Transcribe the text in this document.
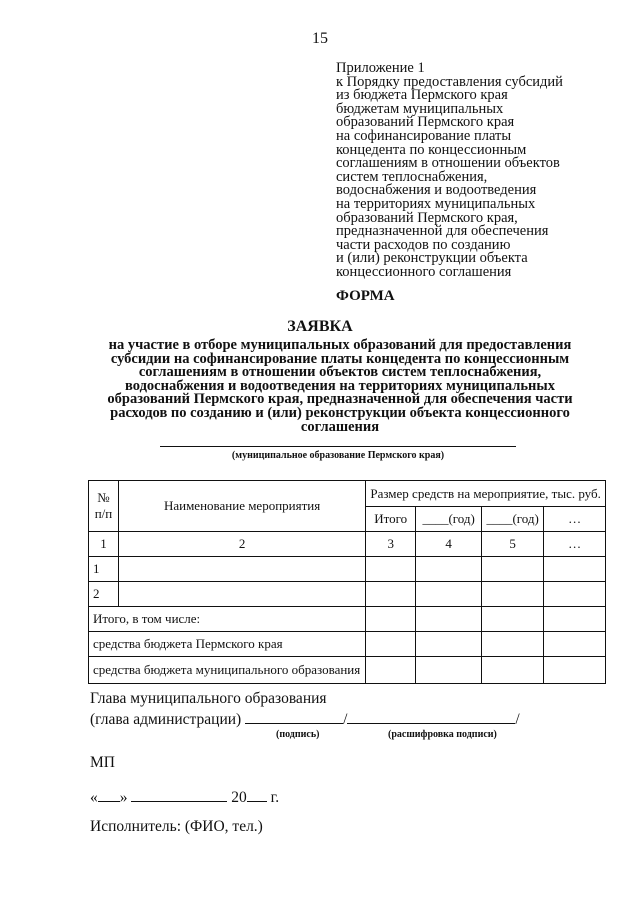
15
Приложение 1
к Порядку предоставления субсидий
из бюджета Пермского края
бюджетам муниципальных
образований Пермского края
на софинансирование платы
концедента по концессионным
соглашениям в отношении объектов
систем теплоснабжения,
водоснабжения и водоотведения
на территориях муниципальных
образований Пермского края,
предназначенной для обеспечения
части расходов по созданию
и (или) реконструкции объекта
концессионного соглашения
ФОРМА
ЗАЯВКА
на участие в отборе муниципальных образований для предоставления
субсидии на софинансирование платы концедента по концессионным
соглашениям в отношении объектов систем теплоснабжения,
водоснабжения и водоотведения на территориях муниципальных
образований Пермского края, предназначенной для обеспечения части
расходов по созданию и (или) реконструкции объекта концессионного
соглашения
(муниципальное образование Пермского края)
№ п/п	Наименование мероприятия	Размер средств на мероприятие, тыс. руб.			
		Итого	____(год)	____(год)	…
1	2	3	4	5	…
1					
2					
Итого, в том числе:					
средства бюджета Пермского края					
средства бюджета муниципального образования					
Глава муниципального образования
(глава администрации)	/	/
(подпись)	(расшифровка подписи)
МП
« »	20 г.
Исполнитель: (ФИО, тел.)
